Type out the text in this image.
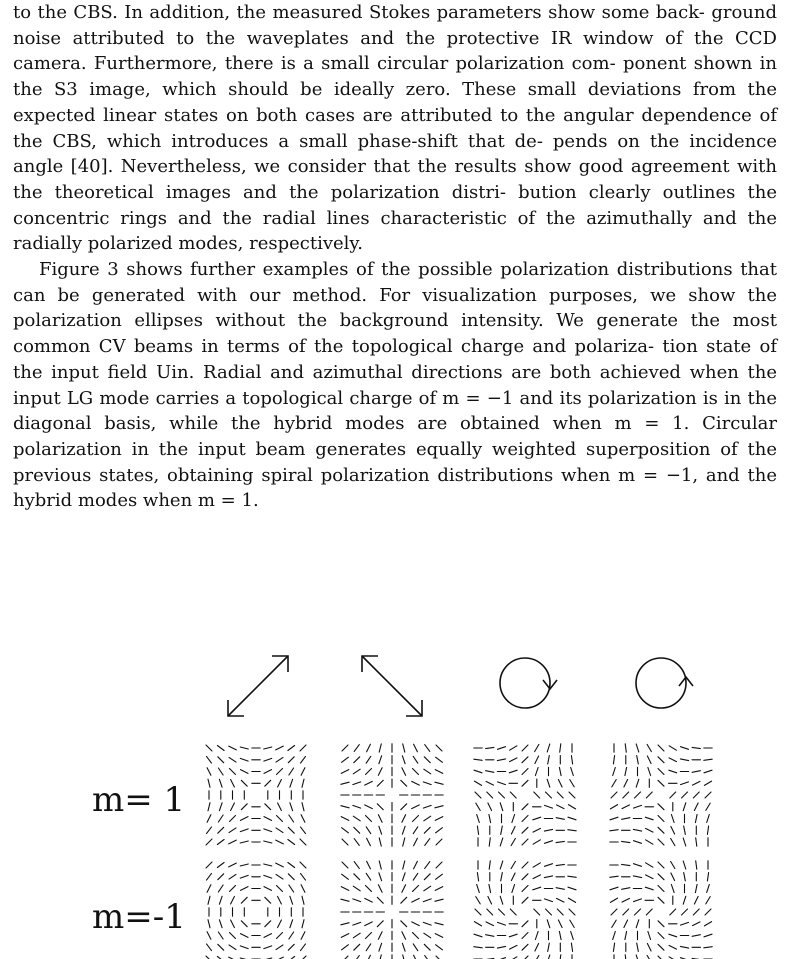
to the CBS. In addition, the measured Stokes parameters show some back- ground noise attributed to the waveplates and the protective IR window of the CCD camera. Furthermore, there is a small circular polarization com- ponent shown in the S3 image, which should be ideally zero. These small deviations from the expected linear states on both cases are attributed to the angular dependence of the CBS, which introduces a small phase-shift that de- pends on the incidence angle [40]. Nevertheless, we consider that the results show good agreement with the theoretical images and the polarization distri- bution clearly outlines the concentric rings and the radial lines characteristic of the azimuthally and the radially polarized modes, respectively.

Figure 3 shows further examples of the possible polarization distributions that can be generated with our method. For visualization purposes, we show the polarization ellipses without the background intensity. We generate the most common CV beams in terms of the topological charge and polariza- tion state of the input field Uin. Radial and azimuthal directions are both achieved when the input LG mode carries a topological charge of m = −1 and its polarization is in the diagonal basis, while the hybrid modes are obtained when m = 1. Circular polarization in the input beam generates equally weighted superposition of the previous states, obtaining spiral polarization distributions when m = −1, and the hybrid modes when m = 1.

m= 1
m=-1
